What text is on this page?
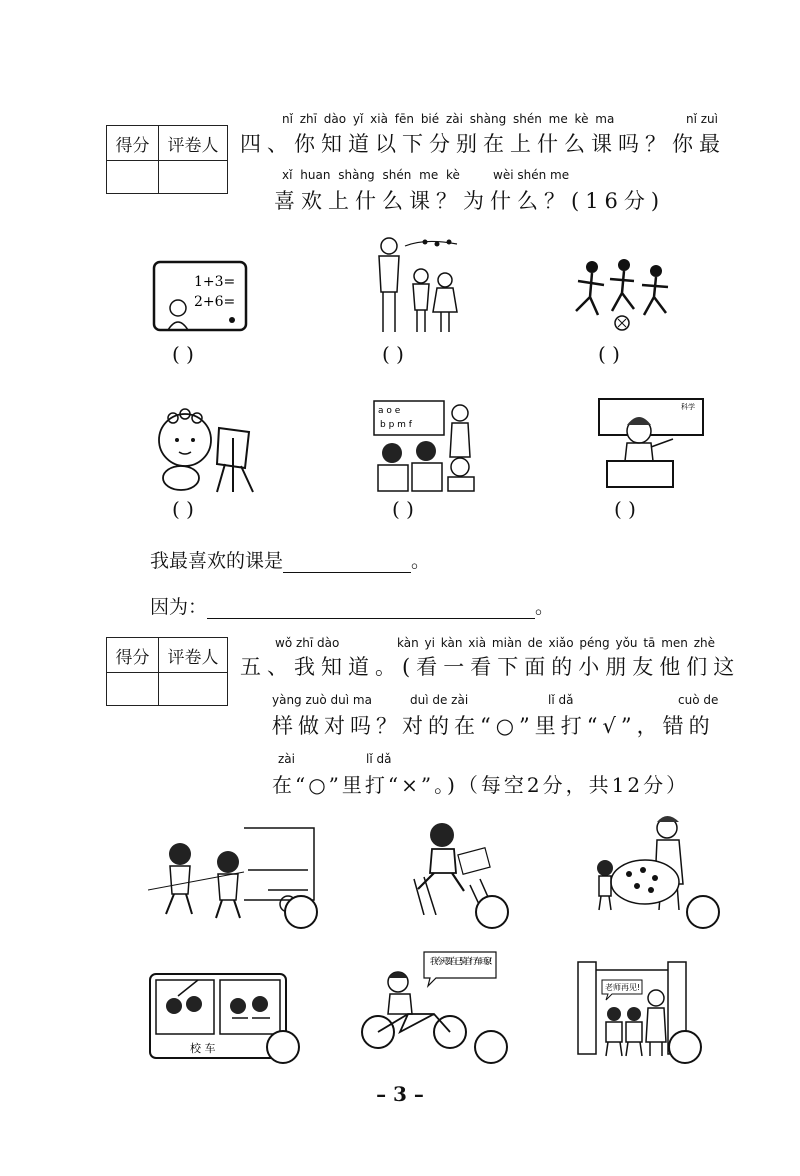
得分	评卷人

nǐ zhī dào yǐ xià fēn bié zài shàng shén me kè ma	nǐ zuì
四、你知道以下分别在上什么课吗？你最
xǐ huan shàng shén me kè	wèi shén me
喜欢上什么课？为什么？(16分)
1+3=
2+6=
( )	( )	( )
a o e
b p m f
科学
( )	( )	( )
我最喜欢的课是	。
因为：	。
得分	评卷人

wǒ zhī dào	kàn yi kàn xià miàn de xiǎo péng yǒu tā men zhè
五、我知道。(看一看下面的小朋友他们这
yàng zuò duì ma	duì de zài	lǐ dǎ	cuò de
样做对吗？对的在“○”里打“√”，错的
zài	lǐ dǎ
在“○”里打“×”。)（每空2分，共12分）
校 车
我今天要自己骑自行车回家!
老师再见!
– 3 –
